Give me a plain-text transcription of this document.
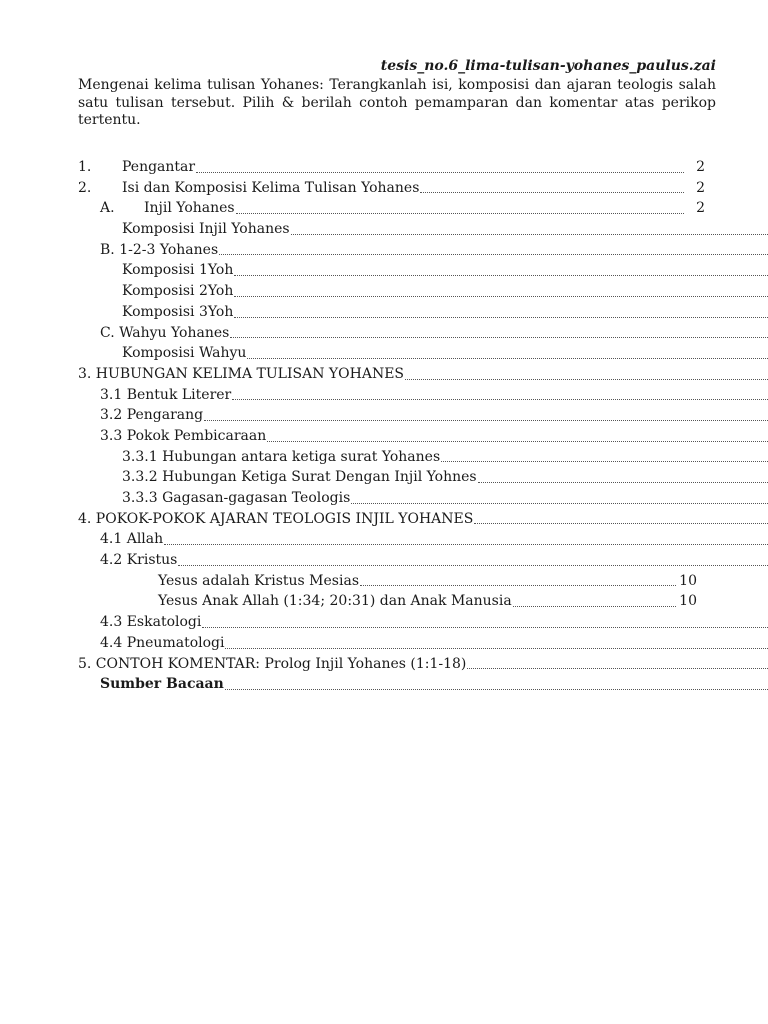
tesis_no.6_lima-tulisan-yohanes_paulus.zai
Mengenai kelima tulisan Yohanes: Terangkanlah isi, komposisi dan ajaran teologis salah satu tulisan tersebut. Pilih & berilah contoh pemamparan dan komentar atas perikop tertentu.
1. Pengantar	2
2. Isi dan Komposisi Kelima Tulisan Yohanes	2
A. Injil Yohanes	2
Komposisi Injil Yohanes
B. 1-2-3 Yohanes
Komposisi 1Yoh
Komposisi 2Yoh
Komposisi 3Yoh
C. Wahyu Yohanes
Komposisi Wahyu
3. HUBUNGAN KELIMA TULISAN YOHANES
3.1 Bentuk Literer
3.2 Pengarang
3.3 Pokok Pembicaraan
3.3.1 Hubungan antara ketiga surat Yohanes
3.3.2 Hubungan Ketiga Surat Dengan Injil Yohnes
3.3.3 Gagasan-gagasan Teologis
4. POKOK-POKOK AJARAN TEOLOGIS INJIL YOHANES
4.1 Allah
4.2 Kristus
Yesus adalah Kristus Mesias	10
Yesus Anak Allah (1:34; 20:31) dan Anak Manusia	10
4.3 Eskatologi
4.4 Pneumatologi
5. CONTOH KOMENTAR: Prolog Injil Yohanes (1:1-18)
Sumber Bacaan
